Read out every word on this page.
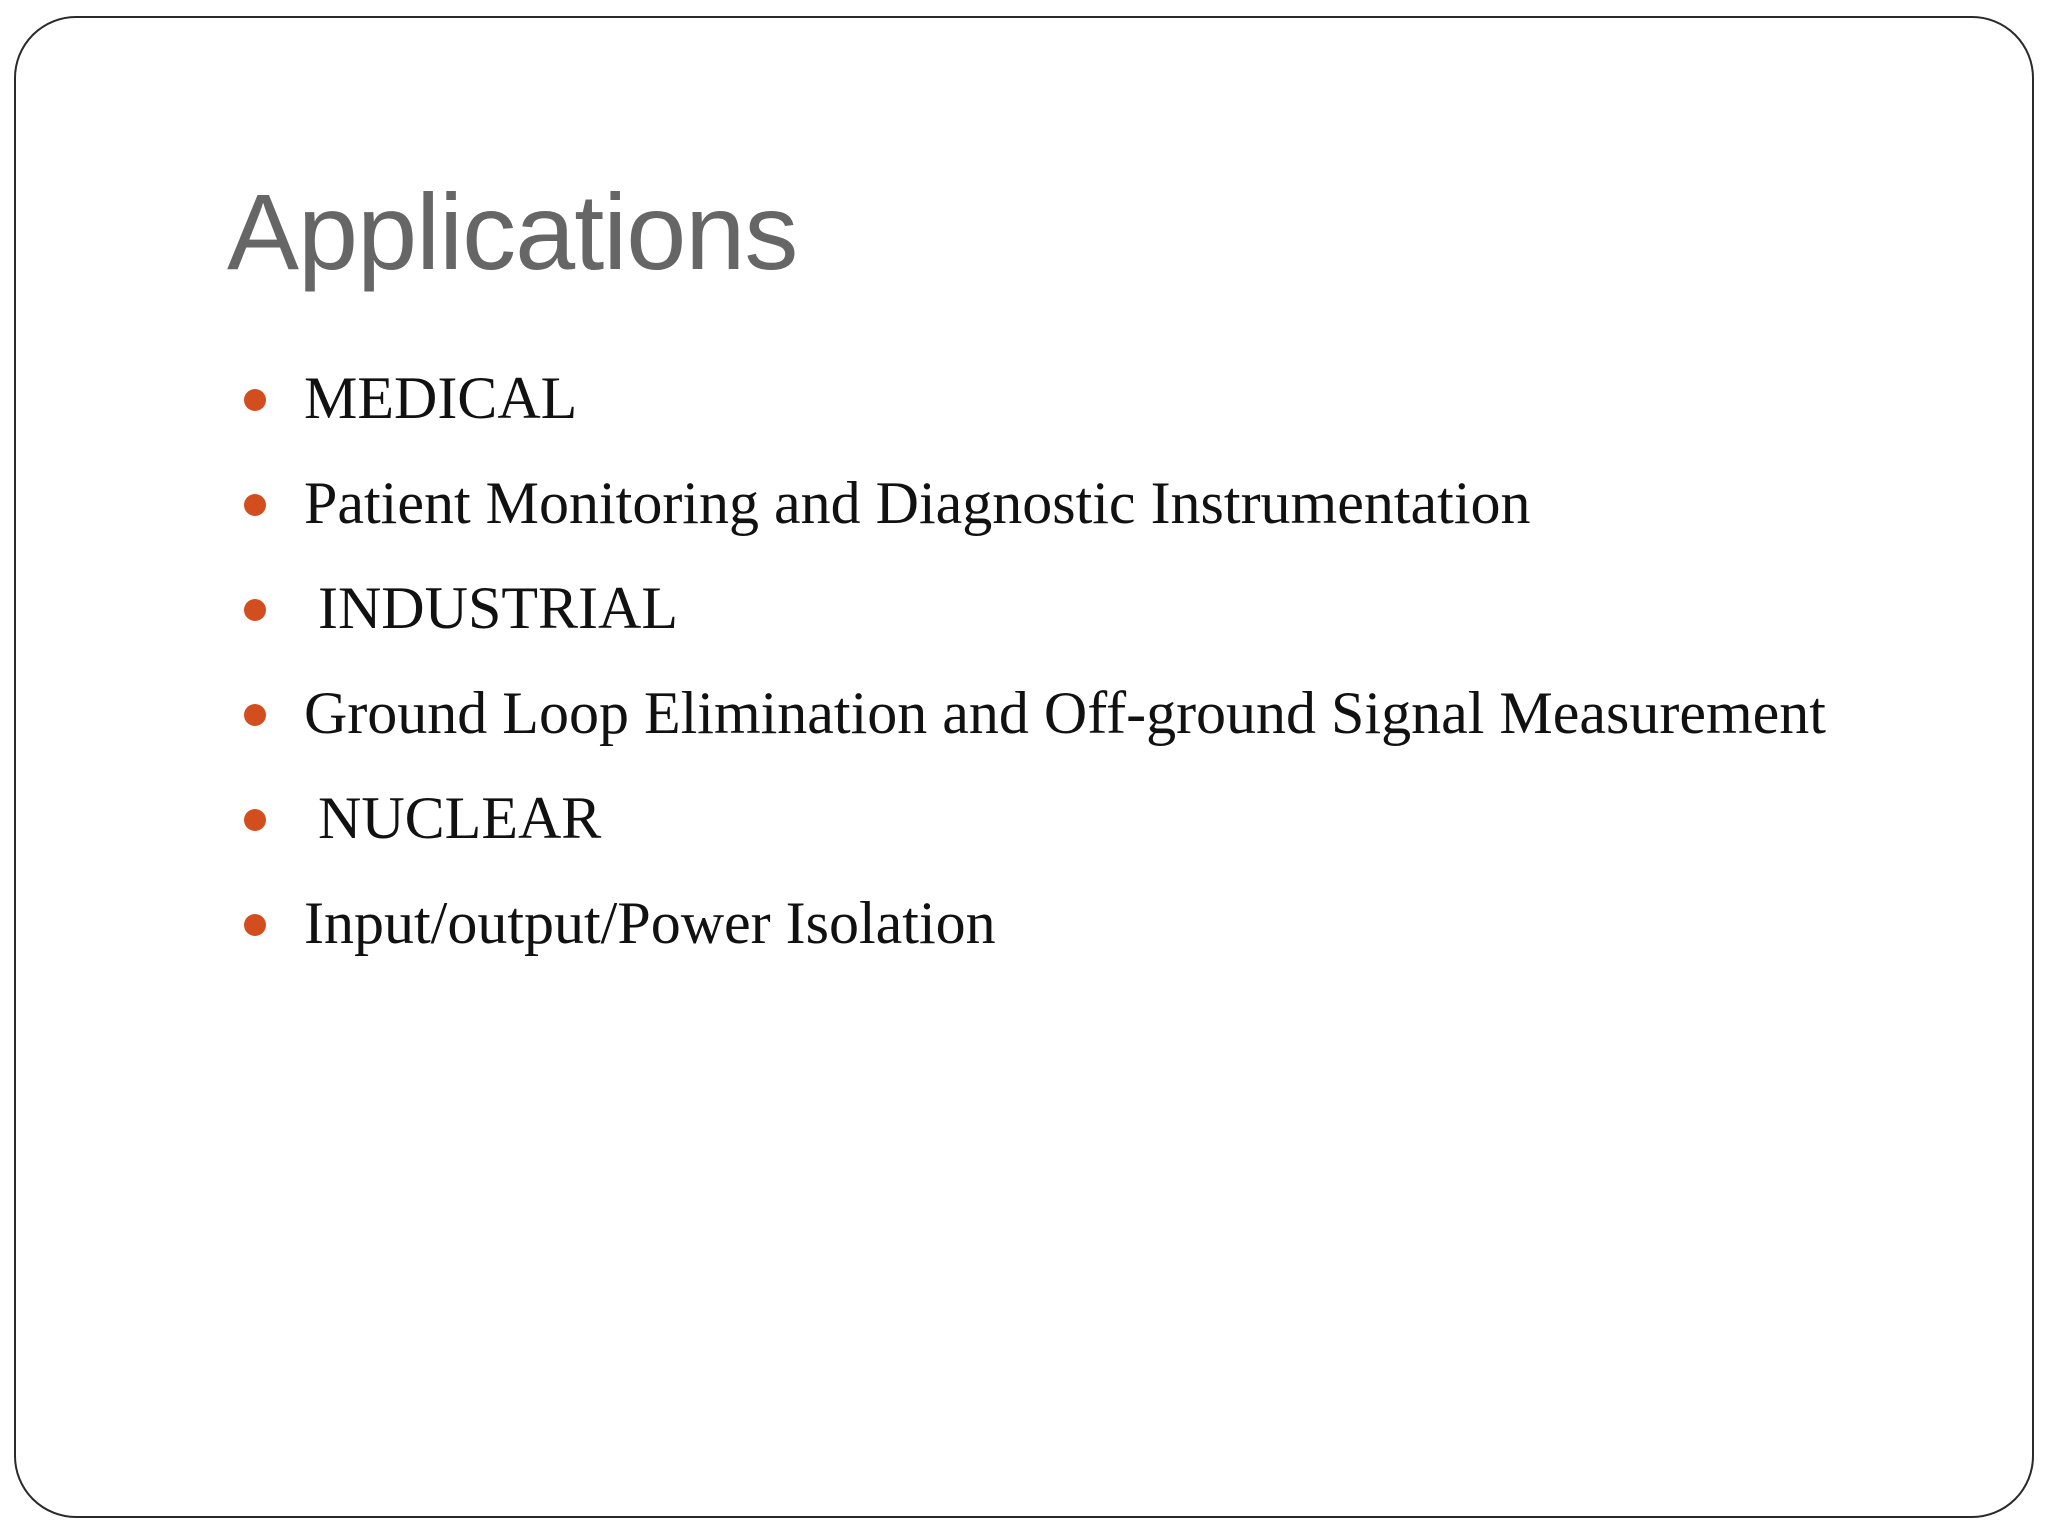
Applications
MEDICAL
Patient Monitoring and Diagnostic Instrumentation
INDUSTRIAL
Ground Loop Elimination and Off-ground Signal Measurement
NUCLEAR
Input/output/Power Isolation
